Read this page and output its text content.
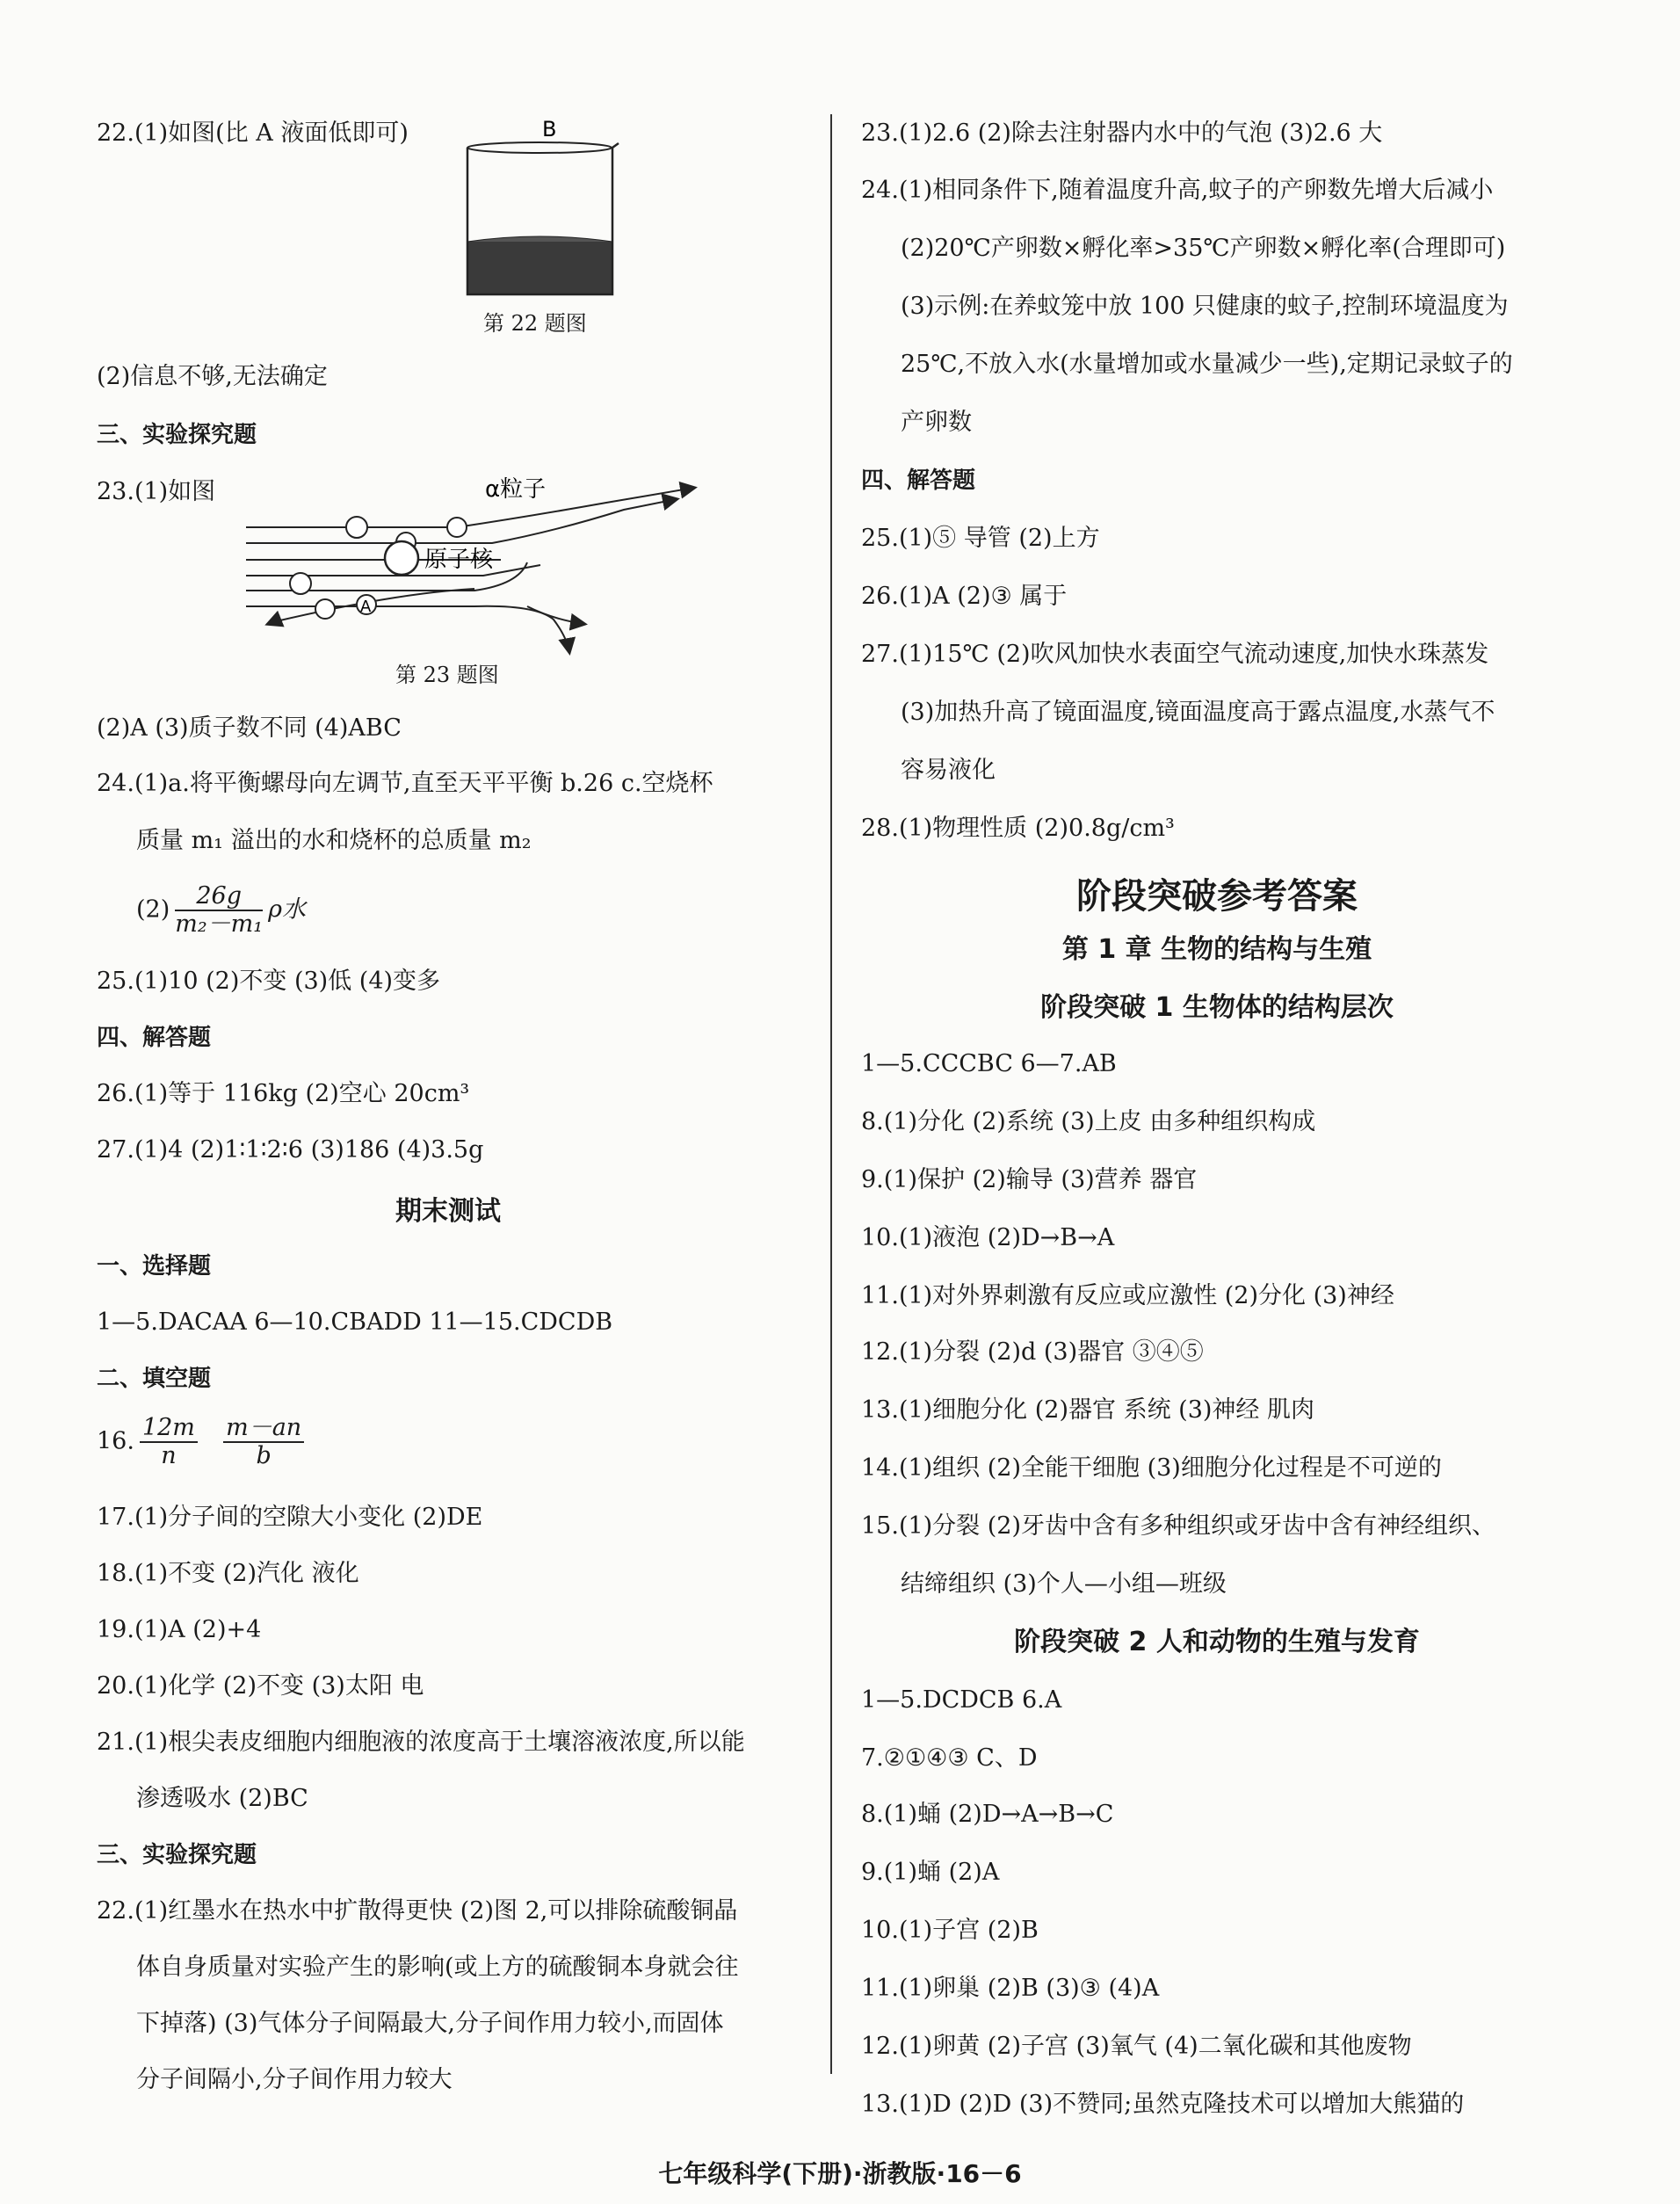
22.(1)如图(比 A 液面低即可)	B
第 22 题图
(2)信息不够,无法确定
三、实验探究题
23.(1)如图	α粒子
原子核
A
第 23 题图
(2)A (3)质子数不同 (4)ABC
24.(1)a.将平衡螺母向左调节,直至天平平衡 b.26 c.空烧杯
质量 m₁ 溢出的水和烧杯的总质量 m₂
$(2) \frac{26g}{\text{m₂－m₁}}$ ρ水
25.(1)10 (2)不变 (3)低 (4)变多
四、解答题
26.(1)等于 116kg (2)空心 20cm³
27.(1)4 (2)1∶1∶2∶6 (3)186 (4)3.5g
期末测试
一、选择题
1—5.DACAA 6—10.CBADD 11—15.CDCDB
二、填空题
16. $\frac{12m}{n}$
$\frac{m-an}{b}$
17.(1)分子间的空隙大小变化 (2)DE
18.(1)不变 (2)汽化 液化
19.(1)A (2)+4
20.(1)化学 (2)不变 (3)太阳 电
21.(1)根尖表皮细胞内细胞液的浓度高于土壤溶液浓度,所以能
渗透吸水 (2)BC
三、实验探究题
22.(1)红墨水在热水中扩散得更快 (2)图 2,可以排除硫酸铜晶
体自身质量对实验产生的影响(或上方的硫酸铜本身就会往
下掉落) (3)气体分子间隔最大,分子间作用力较小,而固体
分子间隔小,分子间作用力较大
23.(1)2.6 (2)除去注射器内水中的气泡 (3)2.6 大
24.(1)相同条件下,随着温度升高,蚊子的产卵数先增大后减小
(2)20℃产卵数×孵化率>35℃产卵数×孵化率(合理即可)
(3)示例:在养蚊笼中放 100 只健康的蚊子,控制环境温度为
25℃,不放入水(水量增加或水量减少一些),定期记录蚊子的
产卵数
四、解答题
25.(1)⑤ 导管 (2)上方
26.(1)A (2)③ 属于
27.(1)15℃ (2)吹风加快水表面空气流动速度,加快水珠蒸发
(3)加热升高了镜面温度,镜面温度高于露点温度,水蒸气不
容易液化
28.(1)物理性质 (2)0.8g/cm³
阶段突破参考答案
第 1 章 生物的结构与生殖
阶段突破 1 生物体的结构层次
1—5.CCCBC 6—7.AB
8.(1)分化 (2)系统 (3)上皮 由多种组织构成
9.(1)保护 (2)输导 (3)营养 器官
10.(1)液泡 (2)D→B→A
11.(1)对外界刺激有反应或应激性 (2)分化 (3)神经
12.(1)分裂 (2)d (3)器官 ③④⑤
13.(1)细胞分化 (2)器官 系统 (3)神经 肌肉
14.(1)组织 (2)全能干细胞 (3)细胞分化过程是不可逆的
15.(1)分裂 (2)牙齿中含有多种组织或牙齿中含有神经组织、
结缔组织 (3)个人—小组—班级
阶段突破 2 人和动物的生殖与发育
1—5.DCDCB 6.A
7.②①④③ C、D
8.(1)蛹 (2)D→A→B→C
9.(1)蛹 (2)A
10.(1)子宫 (2)B
11.(1)卵巢 (2)B (3)③ (4)A
12.(1)卵黄 (2)子宫 (3)氧气 (4)二氧化碳和其他废物
13.(1)D (2)D (3)不赞同;虽然克隆技术可以增加大熊猫的
七年级科学(下册)·浙教版·16－6
